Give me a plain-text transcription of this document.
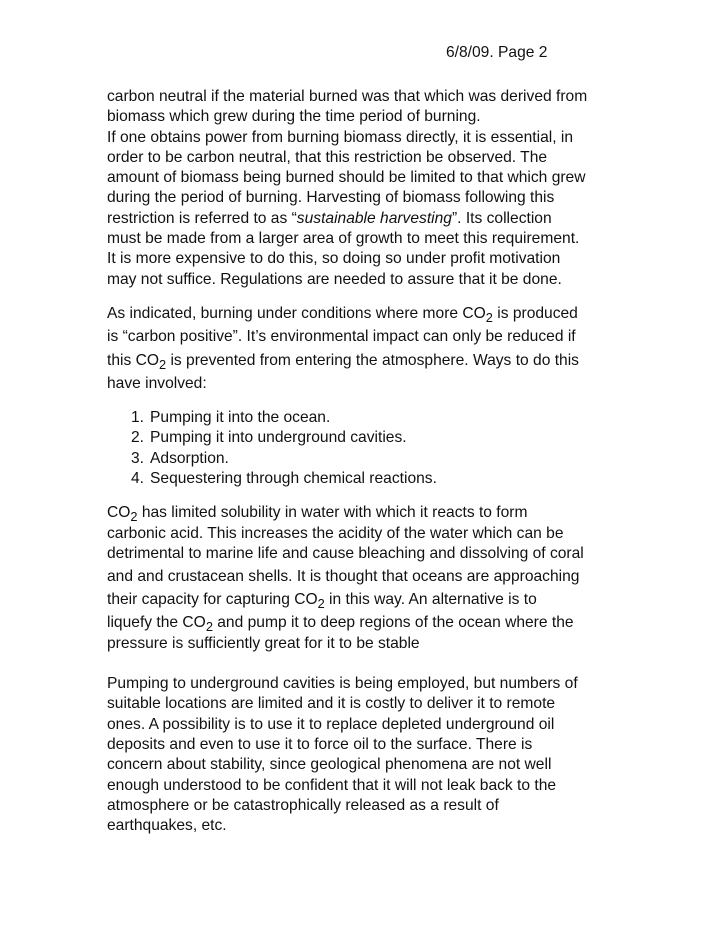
6/8/09. Page 2

carbon neutral if the material burned was that which was derived from
biomass which grew during the time period of burning.
If one obtains power from burning biomass directly, it is essential, in
order to be carbon neutral, that this restriction be observed. The
amount of biomass being burned should be limited to that which grew
during the period of burning. Harvesting of biomass following this
restriction is referred to as “sustainable harvesting”. Its collection
must be made from a larger area of growth to meet this requirement.
It is more expensive to do this, so doing so under profit motivation
may not suffice. Regulations are needed to assure that it be done.

As indicated, burning under conditions where more $CO_2$ is produced
is “carbon positive”. It’s environmental impact can only be reduced if
this $CO_2$ is prevented from entering the atmosphere. Ways to do this
have involved:

1. Pumping it into the ocean.
2. Pumping it into underground cavities.
3. Adsorption.
4. Sequestering through chemical reactions.

$CO_2$ has limited solubility in water with which it reacts to form
carbonic acid. This increases the acidity of the water which can be
detrimental to marine life and cause bleaching and dissolving of coral
and and crustacean shells. It is thought that oceans are approaching
their capacity for capturing $CO_2$ in this way. An alternative is to
liquefy the $CO_2$ and pump it to deep regions of the ocean where the
pressure is sufficiently great for it to be stable

Pumping to underground cavities is being employed, but numbers of
suitable locations are limited and it is costly to deliver it to remote
ones. A possibility is to use it to replace depleted underground oil
deposits and even to use it to force oil to the surface. There is
concern about stability, since geological phenomena are not well
enough understood to be confident that it will not leak back to the
atmosphere or be catastrophically released as a result of
earthquakes, etc.
